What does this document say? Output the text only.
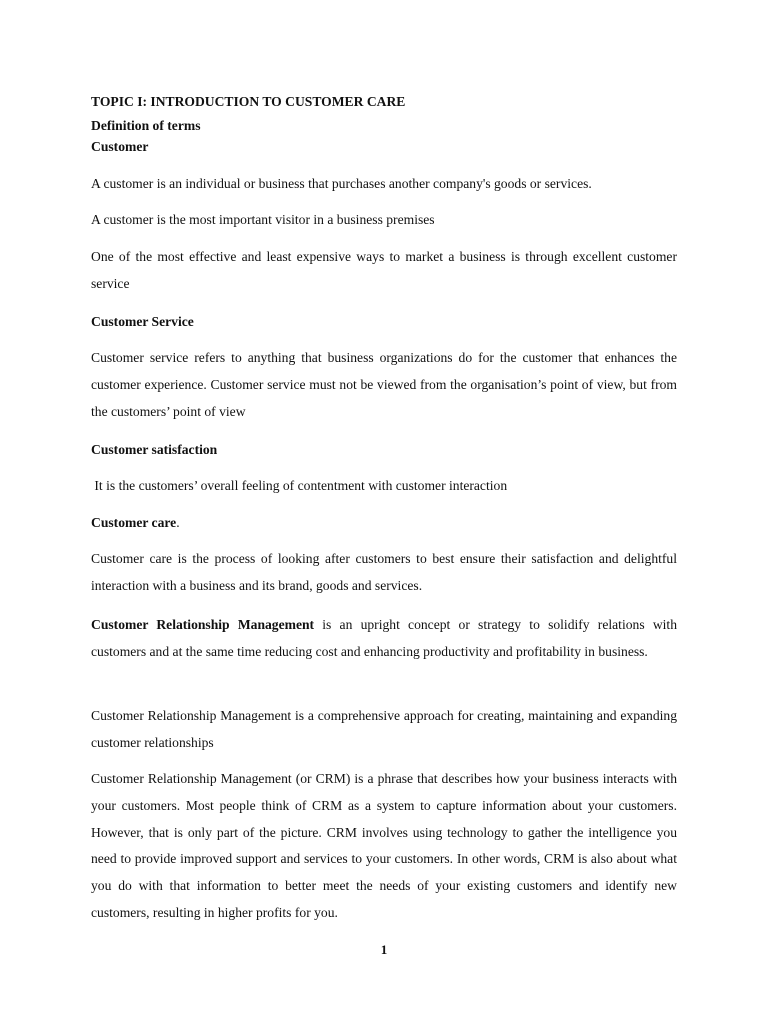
TOPIC I: INTRODUCTION TO CUSTOMER CARE

Definition of terms

Customer

A customer is an individual or business that purchases another company's goods or services.

A customer is the most important visitor in a business premises

One of the most effective and least expensive ways to market a business is through excellent customer service

Customer Service

Customer service refers to anything that business organizations do for the customer that enhances the customer experience. Customer service must not be viewed from the organisation’s point of view, but from the customers’ point of view

Customer satisfaction

It is the customers’ overall feeling of contentment with customer interaction

Customer care.

Customer care is the process of looking after customers to best ensure their satisfaction and delightful interaction with a business and its brand, goods and services.

Customer Relationship Management is an upright concept or strategy to solidify relations with customers and at the same time reducing cost and enhancing productivity and profitability in business.

Customer Relationship Management is a comprehensive approach for creating, maintaining and expanding customer relationships

Customer Relationship Management (or CRM) is a phrase that describes how your business interacts with your customers. Most people think of CRM as a system to capture information about your customers. However, that is only part of the picture. CRM involves using technology to gather the intelligence you need to provide improved support and services to your customers. In other words, CRM is also about what you do with that information to better meet the needs of your existing customers and identify new customers, resulting in higher profits for you.

1
